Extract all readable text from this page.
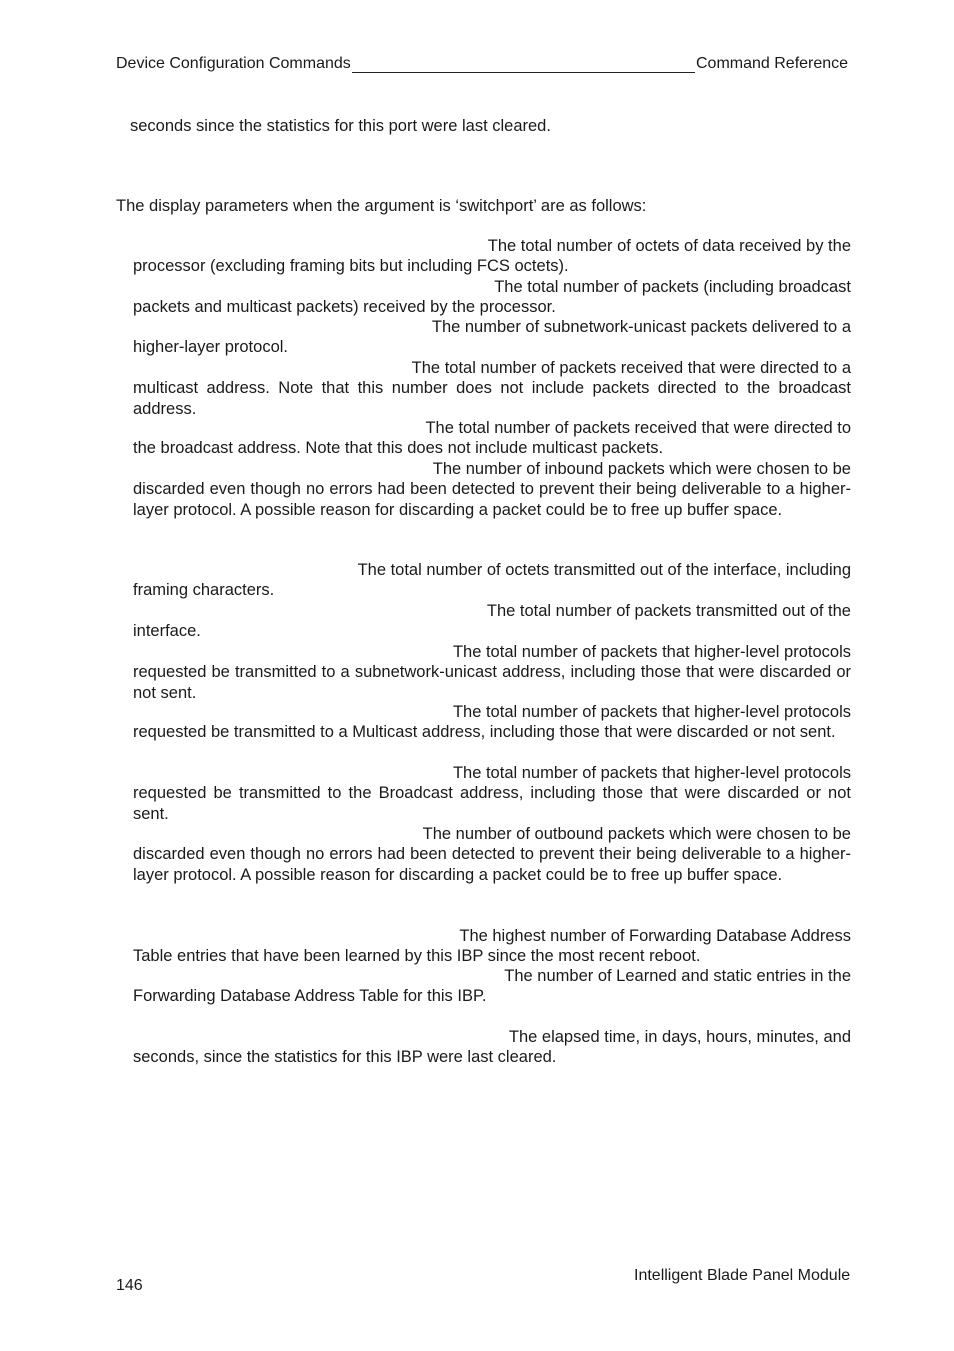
Device Configuration Commands	Command Reference
seconds since the statistics for this port were last cleared.
The display parameters when the argument is ‘switchport’ are as follows:

The total number of octets of data received by the
processor (excluding framing bits but including FCS octets).

The total number of packets (including broadcast
packets and multicast packets) received by the processor.

The number of subnetwork-unicast packets delivered to a
higher-layer protocol.

The total number of packets received that were directed to a
multicast address. Note that this number does not include packets directed to the broadcast address.

The total number of packets received that were directed to
the broadcast address. Note that this does not include multicast packets.

The number of inbound packets which were chosen to be
discarded even though no errors had been detected to prevent their being deliverable to a higher-layer protocol. A possible reason for discarding a packet could be to free up buffer space.

The total number of octets transmitted out of the interface, including
framing characters.

The total number of packets transmitted out of the
interface.

The total number of packets that higher-level protocols
requested be transmitted to a subnetwork-unicast address, including those that were discarded or not sent.

The total number of packets that higher-level protocols
requested be transmitted to a Multicast address, including those that were discarded or not sent.

The total number of packets that higher-level protocols
requested be transmitted to the Broadcast address, including those that were discarded or not sent.

The number of outbound packets which were chosen to be
discarded even though no errors had been detected to prevent their being deliverable to a higher-layer protocol. A possible reason for discarding a packet could be to free up buffer space.

The highest number of Forwarding Database Address
Table entries that have been learned by this IBP since the most recent reboot.

The number of Learned and static entries in the
Forwarding Database Address Table for this IBP.

The elapsed time, in days, hours, minutes, and
seconds, since the statistics for this IBP were last cleared.

146
Intelligent Blade Panel Module
